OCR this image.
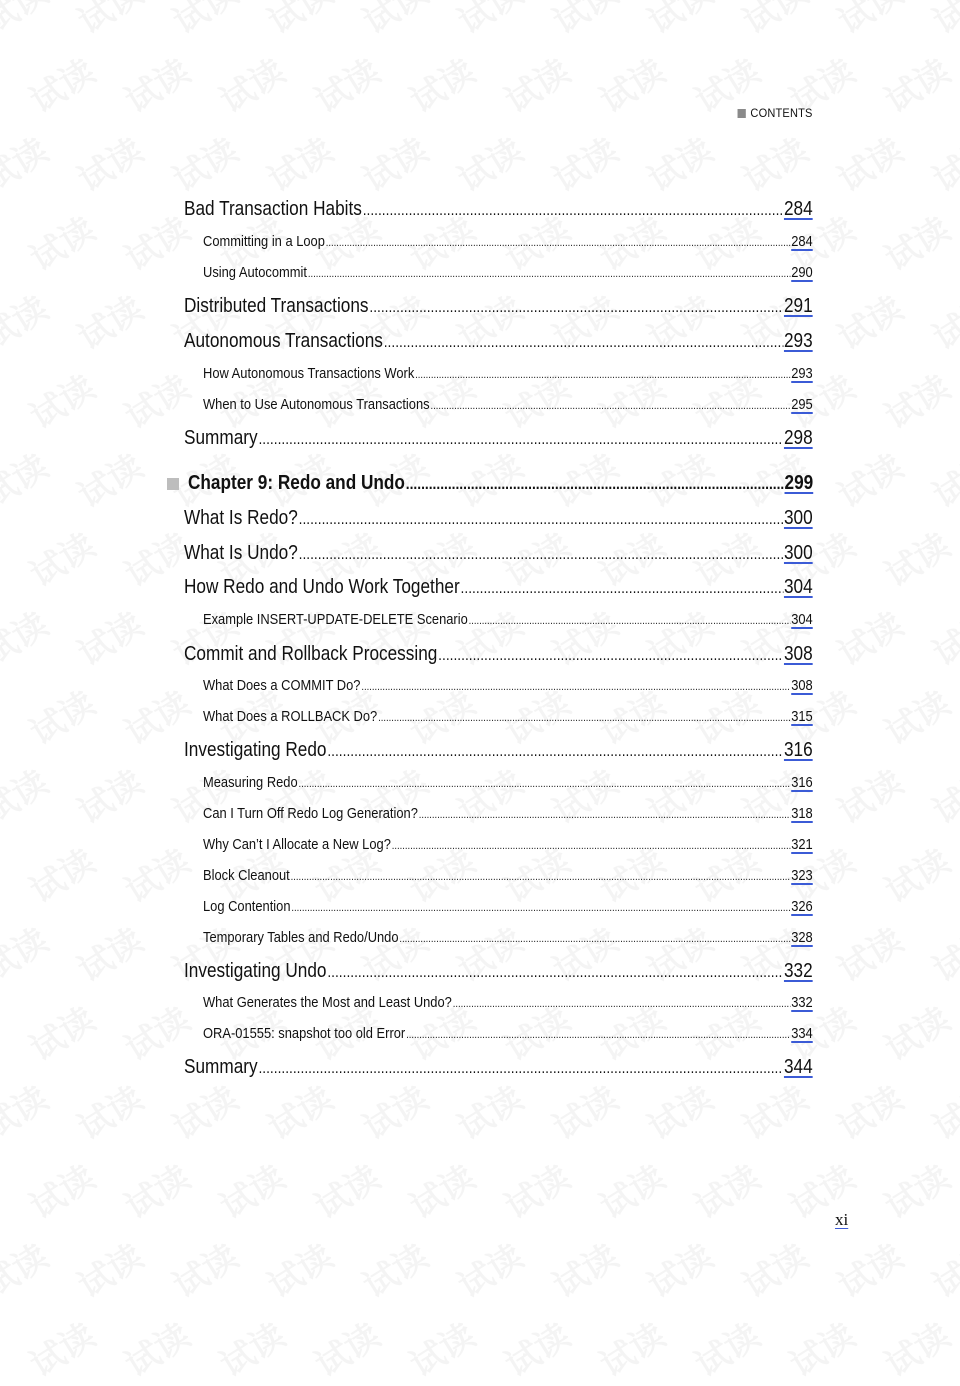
CONTENTS
Bad Transaction Habits .....	284
Committing in a Loop .....	284
Using Autocommit .....	290
Distributed Transactions .....	291
Autonomous Transactions .....	293
How Autonomous Transactions Work .....	293
When to Use Autonomous Transactions .....	295
Summary .....	298
Chapter 9: Redo and Undo .....	299
What Is Redo? .....	300
What Is Undo? .....	300
How Redo and Undo Work Together .....	304
Example INSERT-UPDATE-DELETE Scenario .....	304
Commit and Rollback Processing .....	308
What Does a COMMIT Do? .....	308
What Does a ROLLBACK Do? .....	315
Investigating Redo .....	316
Measuring Redo .....	316
Can I Turn Off Redo Log Generation? .....	318
Why Can’t I Allocate a New Log? .....	321
Block Cleanout .....	323
Log Contention .....	326
Temporary Tables and Redo/Undo .....	328
Investigating Undo .....	332
What Generates the Most and Least Undo? .....	332
ORA-01555: snapshot too old Error .....	334
Summary .....	344
xi
